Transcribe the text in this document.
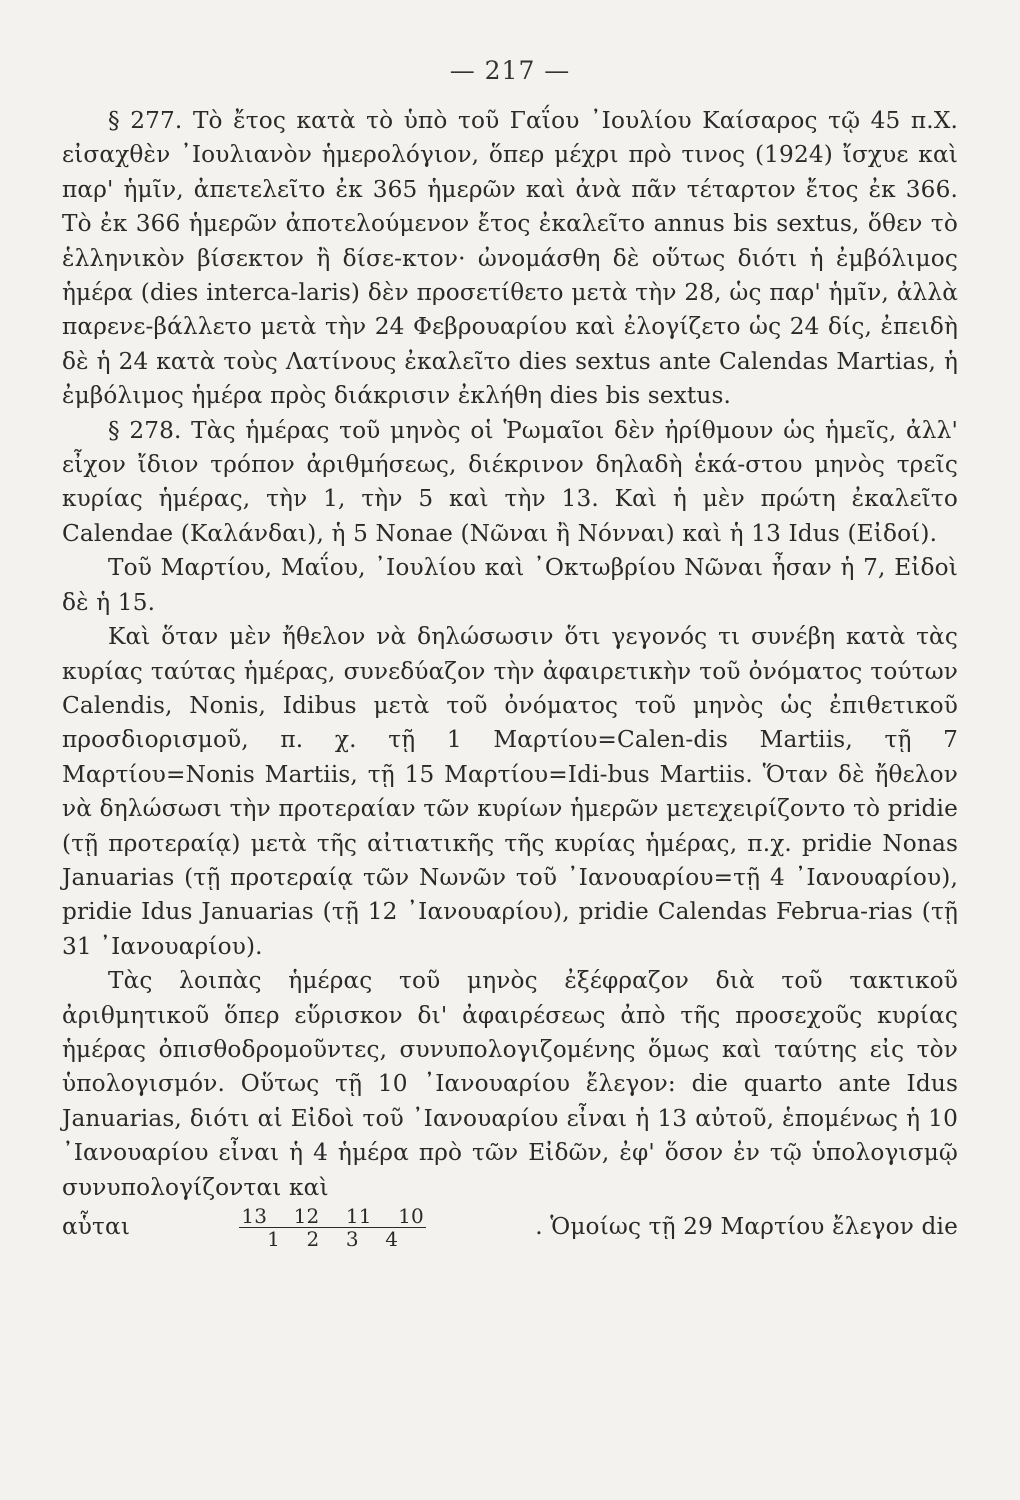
— 217 —

§ 277. Τὸ ἔτος κατὰ τὸ ὑπὸ τοῦ Γαΐου ᾿Ιουλίου Καίσαρος τῷ 45 π.Χ. εἰσαχθὲν ᾿Ιουλιανὸν ἡμερολόγιον, ὅπερ μέχρι πρὸ τινος (1924) ἴσχυε καὶ παρ' ἡμῖν, ἀπετελεῖτο ἐκ 365 ἡμερῶν καὶ ἀνὰ πᾶν τέταρτον ἔτος ἐκ 366. Τὸ ἐκ 366 ἡμερῶν ἀποτελούμενον ἔτος ἐκαλεῖτο annus bis sextus, ὅθεν τὸ ἑλληνικὸν βίσεκτον ἢ δίσε-κτον· ὠνομάσθη δὲ οὕτως διότι ἡ ἐμβόλιμος ἡμέρα (dies interca-laris) δὲν προσετίθετο μετὰ τὴν 28, ὡς παρ' ἡμῖν, ἀλλὰ παρενε-βάλλετο μετὰ τὴν 24 Φεβρουαρίου καὶ ἐλογίζετο ὡς 24 δίς, ἐπειδὴ δὲ ἡ 24 κατὰ τοὺς Λατίνους ἐκαλεῖτο dies sextus ante Calendas Martias, ἡ ἐμβόλιμος ἡμέρα πρὸς διάκρισιν ἐκλήθη dies bis sextus.

§ 278. Τὰς ἡμέρας τοῦ μηνὸς οἱ Ῥωμαῖοι δὲν ἠρίθμουν ὡς ἡμεῖς, ἀλλ' εἶχον ἴδιον τρόπον ἀριθμήσεως, διέκρινον δηλαδὴ ἑκά-στου μηνὸς τρεῖς κυρίας ἡμέρας, τὴν 1, τὴν 5 καὶ τὴν 13. Καὶ ἡ μὲν πρώτη ἐκαλεῖτο Calendae (Καλάνδαι), ἡ 5 Nonae (Νῶναι ἢ Νόνναι) καὶ ἡ 13 Idus (Εἰδοί).

Τοῦ Μαρτίου, Μαΐου, ᾿Ιουλίου καὶ ᾿Οκτωβρίου Νῶναι ἦσαν ἡ 7, Εἰδοὶ δὲ ἡ 15.

Καὶ ὅταν μὲν ἤθελον νὰ δηλώσωσιν ὅτι γεγονός τι συνέβη κατὰ τὰς κυρίας ταύτας ἡμέρας, συνεδύαζον τὴν ἀφαιρετικὴν τοῦ ὀνόματος τούτων Calendis, Nonis, Idibus μετὰ τοῦ ὀνόματος τοῦ μηνὸς ὡς ἐπιθετικοῦ προσδιορισμοῦ, π. χ. τῇ 1 Μαρτίου=Calen-dis Martiis, τῇ 7 Μαρτίου=Nonis Martiis, τῇ 15 Μαρτίου=Idi-bus Martiis. Ὅταν δὲ ἤθελον νὰ δηλώσωσι τὴν προτεραίαν τῶν κυρίων ἡμερῶν μετεχειρίζοντο τὸ pridie (τῇ προτεραίᾳ) μετὰ τῆς αἰτιατικῆς τῆς κυρίας ἡμέρας, π.χ. pridie Nonas Januarias (τῇ προτεραίᾳ τῶν Νωνῶν τοῦ ᾿Ιανουαρίου=τῇ 4 ᾿Ιανουαρίου), pridie Idus Januarias (τῇ 12 ᾿Ιανουαρίου), pridie Calendas Februa-rias (τῇ 31 ᾿Ιανουαρίου).

Τὰς λοιπὰς ἡμέρας τοῦ μηνὸς ἐξέφραζον διὰ τοῦ τακτικοῦ ἀριθμητικοῦ ὅπερ εὕρισκον δι' ἀφαιρέσεως ἀπὸ τῆς προσεχοῦς κυρίας ἡμέρας ὀπισθοδρομοῦντες, συνυπολογιζομένης ὅμως καὶ ταύτης εἰς τὸν ὑπολογισμόν. Οὕτως τῇ 10 ᾿Ιανουαρίου ἔλεγον: die quarto ante Idus Januarias, διότι αἱ Εἰδοὶ τοῦ ᾿Ιανουαρίου εἶναι ἡ 13 αὐτοῦ, ἑπομένως ἡ 10 ᾿Ιανουαρίου εἶναι ἡ 4 ἡμέρα πρὸ τῶν Εἰδῶν, ἐφ' ὅσον ἐν τῷ ὑπολογισμῷ συνυπολογίζονται καὶ

αὗται	$\frac{13 12 11 10}{1 2 3 4}$	. Ὁμοίως τῇ 29 Μαρτίου ἔλεγον die
